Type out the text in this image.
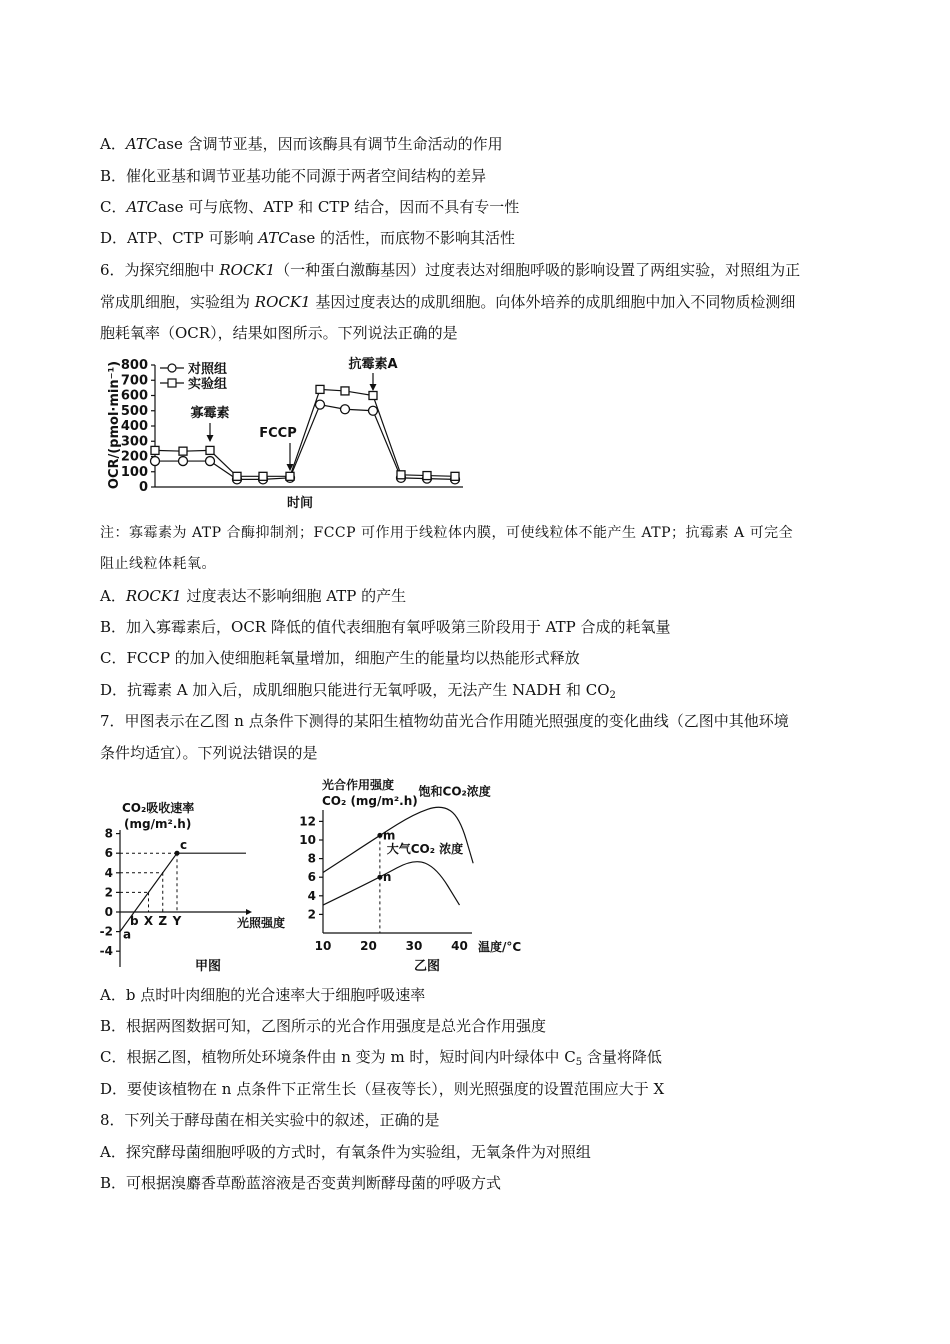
A．ATCase 含调节亚基，因而该酶具有调节生命活动的作用
B．催化亚基和调节亚基功能不同源于两者空间结构的差异
C．ATCase 可与底物、ATP 和 CTP 结合，因而不具有专一性
D．ATP、CTP 可影响 ATCase 的活性，而底物不影响其活性
6．为探究细胞中 ROCK1（一种蛋白激酶基因）过度表达对细胞呼吸的影响设置了两组实验，对照组为正
常成肌细胞，实验组为 ROCK1 基因过度表达的成肌细胞。向体外培养的成肌细胞中加入不同物质检测细
胞耗氧率（OCR），结果如图所示。下列说法正确的是
OCR/(pmol·min⁻¹) 0
100
200
300
400
500
600
700
800
寡霉素
FCCP
抗霉素A
对照组
实验组
时间
CO₂吸收速率
(mg/m².h)
-4
-2
0
2
4
6
8
c
a
b X Z Y	光照强度
甲图
光合作用强度
CO₂ (mg/m².h)
2
4
6
8
10
12
10 20 30 40
饱和CO₂浓度
大气CO₂ 浓度
m
n
温度/°C
乙图
注：寡霉素为 ATP 合酶抑制剂；FCCP 可作用于线粒体内膜，可使线粒体不能产生 ATP；抗霉素 A 可完全
阻止线粒体耗氧。
A．ROCK1 过度表达不影响细胞 ATP 的产生
B．加入寡霉素后，OCR 降低的值代表细胞有氧呼吸第三阶段用于 ATP 合成的耗氧量
C．FCCP 的加入使细胞耗氧量增加，细胞产生的能量均以热能形式释放
D．抗霉素 A 加入后，成肌细胞只能进行无氧呼吸，无法产生 NADH 和 $CO_2$
7．甲图表示在乙图 n 点条件下测得的某阳生植物幼苗光合作用随光照强度的变化曲线（乙图中其他环境
条件均适宜）。下列说法错误的是
A．b 点时叶肉细胞的光合速率大于细胞呼吸速率
B．根据两图数据可知，乙图所示的光合作用强度是总光合作用强度
C．根据乙图，植物所处环境条件由 n 变为 m 时，短时间内叶绿体中 $C_5$ 含量将降低
D．要使该植物在 n 点条件下正常生长（昼夜等长），则光照强度的设置范围应大于 X
8．下列关于酵母菌在相关实验中的叙述，正确的是
A．探究酵母菌细胞呼吸的方式时，有氧条件为实验组，无氧条件为对照组
B．可根据溴麝香草酚蓝溶液是否变黄判断酵母菌的呼吸方式
